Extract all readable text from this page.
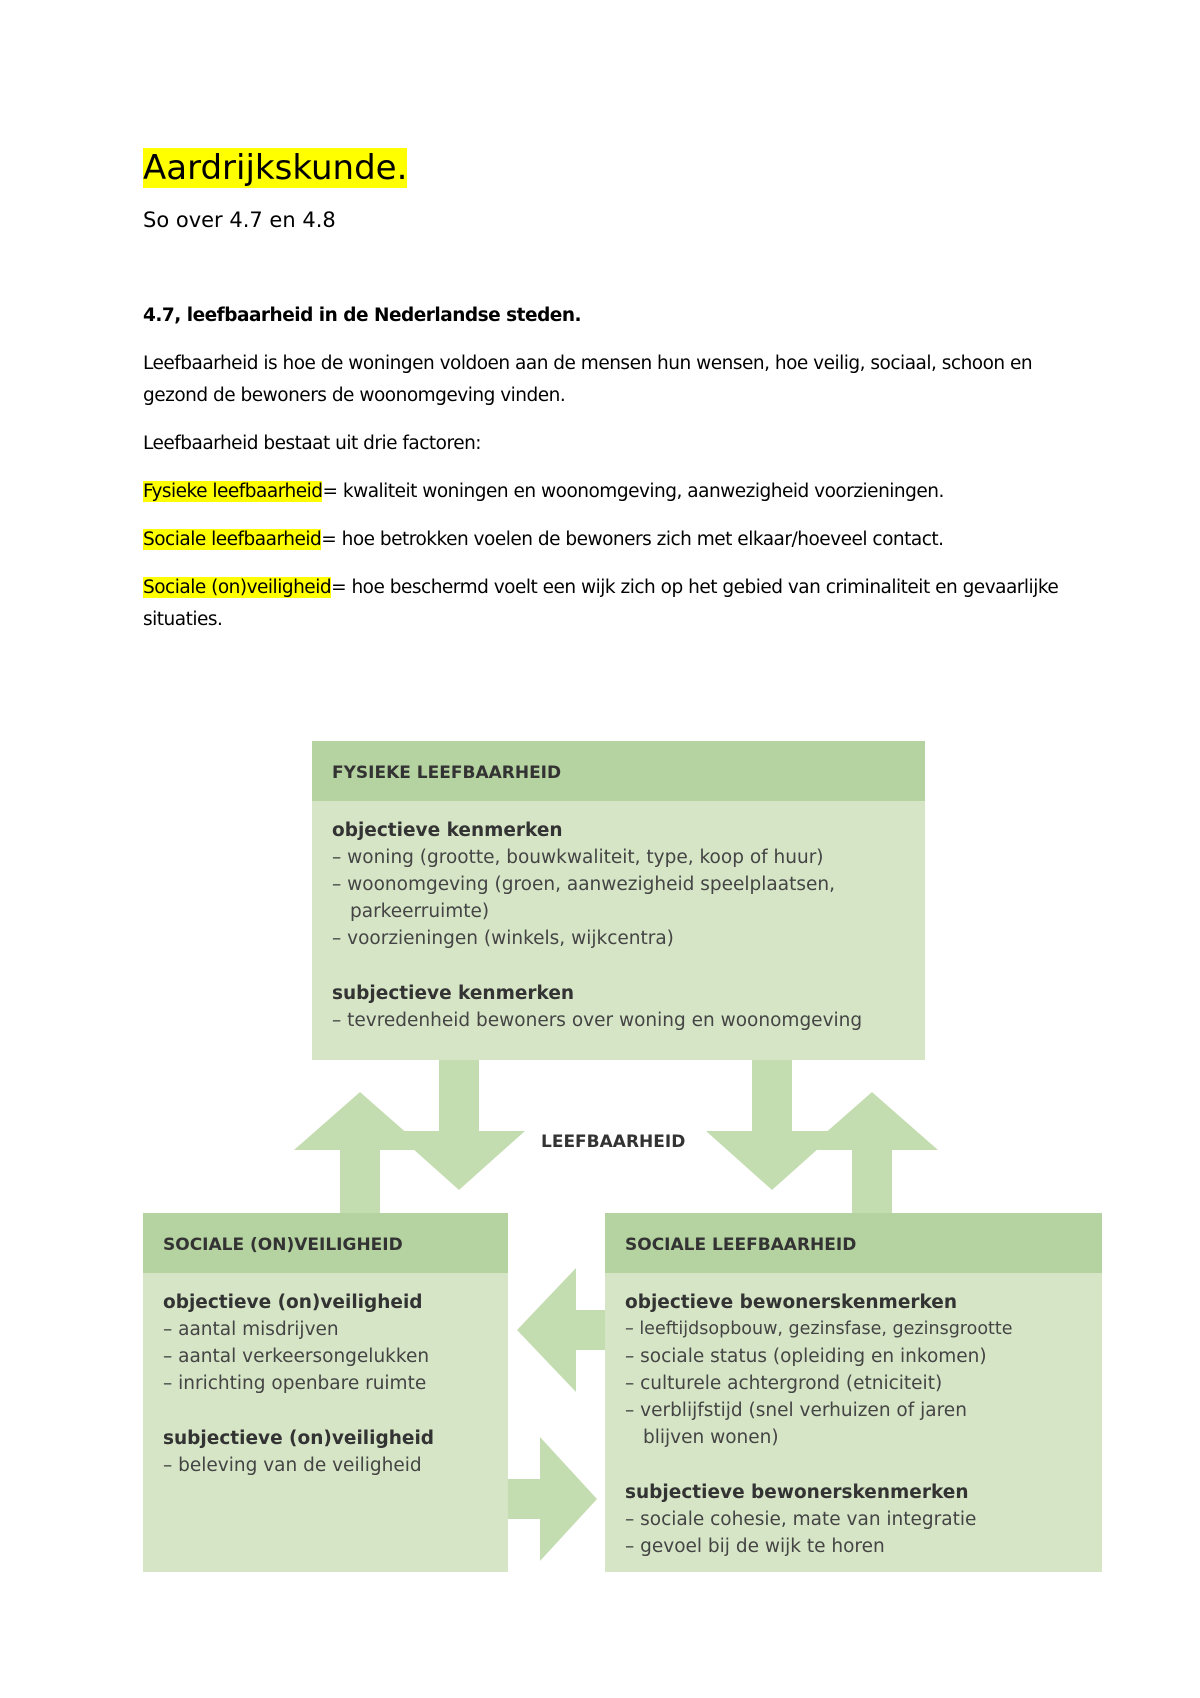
Aardrijkskunde.
So over 4.7 en 4.8
4.7, leefbaarheid in de Nederlandse steden.
Leefbaarheid is hoe de woningen voldoen aan de mensen hun wensen, hoe veilig, sociaal, schoon en gezond de bewoners de woonomgeving vinden.
Leefbaarheid bestaat uit drie factoren:
Fysieke leefbaarheid= kwaliteit woningen en woonomgeving, aanwezigheid voorzieningen.
Sociale leefbaarheid= hoe betrokken voelen de bewoners zich met elkaar/hoeveel contact.
Sociale (on)veiligheid= hoe beschermd voelt een wijk zich op het gebied van criminaliteit en gevaarlijke situaties.
FYSIEKE LEEFBAARHEID
objectieve kenmerken
– woning (grootte, bouwkwaliteit, type, koop of huur)
– woonomgeving (groen, aanwezigheid speelplaatsen, parkeerruimte)
– voorzieningen (winkels, wijkcentra)
subjectieve kenmerken
– tevredenheid bewoners over woning en woonomgeving
LEEFBAARHEID
SOCIALE (ON)VEILIGHEID
objectieve (on)veiligheid
– aantal misdrijven
– aantal verkeersongelukken
– inrichting openbare ruimte
subjectieve (on)veiligheid
– beleving van de veiligheid
SOCIALE LEEFBAARHEID
objectieve bewonerskenmerken
– leeftijdsopbouw, gezinsfase, gezinsgrootte
– sociale status (opleiding en inkomen)
– culturele achtergrond (etniciteit)
– verblijfstijd (snel verhuizen of jaren blijven wonen)
subjectieve bewonerskenmerken
– sociale cohesie, mate van integratie
– gevoel bij de wijk te horen
